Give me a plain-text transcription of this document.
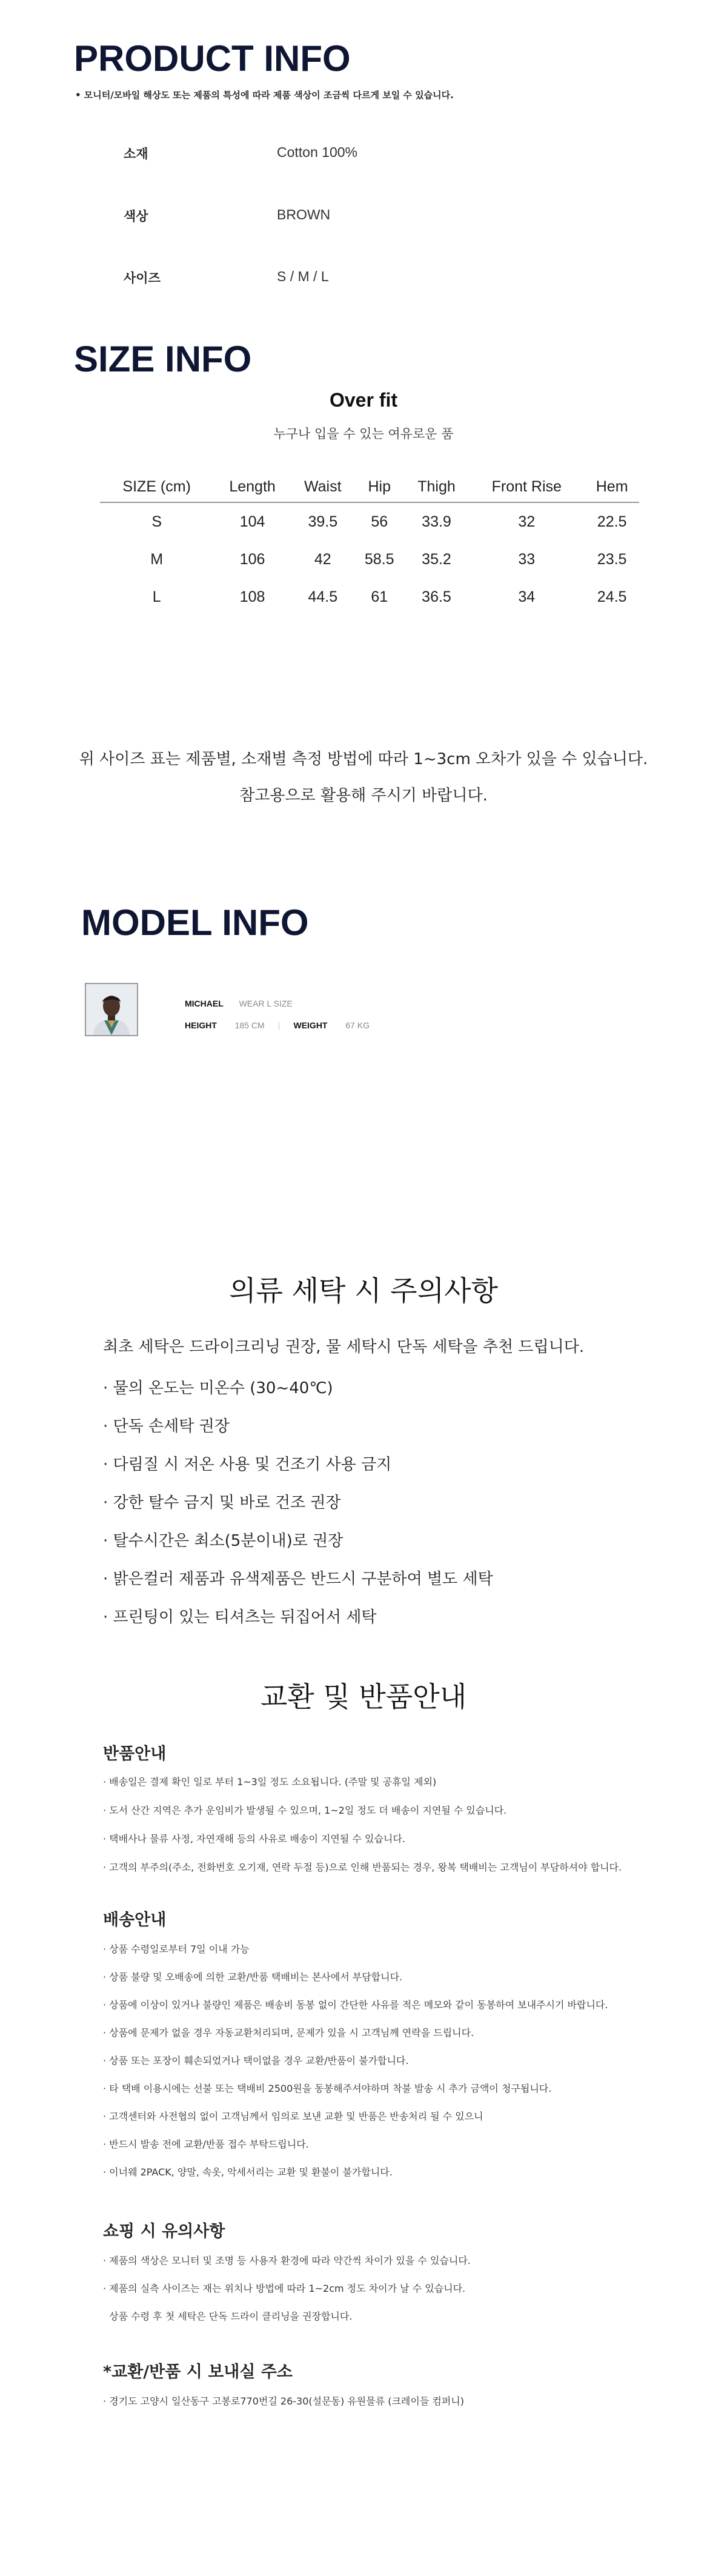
PRODUCT INFO
• 모니터/모바일 해상도 또는 제품의 특성에 따라 제품 색상이 조금씩 다르게 보일 수 있습니다.
소재	Cotton 100%
색상	BROWN
사이즈	S / M / L
SIZE INFO
Over fit
누구나 입을 수 있는 여유로운 품
SIZE (cm)	Length	Waist	Hip	Thigh	Front Rise	Hem
S	104	39.5	56	33.9	32	22.5
M	106	42	58.5	35.2	33	23.5
L	108	44.5	61	36.5	34	24.5
위 사이즈 표는 제품별, 소재별 측정 방법에 따라 1~3cm 오차가 있을 수 있습니다.
참고용으로 활용해 주시기 바랍니다.
MODEL INFO
MICHAEL WEAR L SIZE
HEIGHT 185 CM | WEIGHT 67 KG
의류 세탁 시 주의사항
최초 세탁은 드라이크리닝 권장, 물 세탁시 단독 세탁을 추천 드립니다.
· 물의 온도는 미온수 (30~40℃)
· 단독 손세탁 권장
· 다림질 시 저온 사용 및 건조기 사용 금지
· 강한 탈수 금지 및 바로 건조 권장
· 탈수시간은 최소(5분이내)로 권장
· 밝은컬러 제품과 유색제품은 반드시 구분하여 별도 세탁
· 프린팅이 있는 티셔츠는 뒤집어서 세탁
교환 및 반품안내
반품안내
· 배송일은 결제 확인 일로 부터 1~3일 정도 소요됩니다. (주말 및 공휴일 제외)
· 도서 산간 지역은 추가 운임비가 발생될 수 있으며, 1~2일 정도 더 배송이 지연될 수 있습니다.
· 택배사나 물류 사정, 자연재해 등의 사유로 배송이 지연될 수 있습니다.
· 고객의 부주의(주소, 전화번호 오기재, 연락 두절 등)으로 인해 반품되는 경우, 왕복 택배비는 고객님이 부담하셔야 합니다.
배송안내
· 상품 수령일로부터 7일 이내 가능
· 상품 불량 및 오배송에 의한 교환/반품 택배비는 본사에서 부담합니다.
· 상품에 이상이 있거나 불량인 제품은 배송비 동봉 없이 간단한 사유를 적은 메모와 같이 동봉하여 보내주시기 바랍니다.
· 상품에 문제가 없을 경우 자동교환처리되며, 문제가 있을 시 고객님께 연락을 드립니다.
· 상품 또는 포장이 훼손되었거나 택이없을 경우 교환/반품이 불가합니다.
· 타 택배 이용시에는 선불 또는 택배비 2500원을 동봉해주셔야하며 착불 발송 시 추가 금액이 청구됩니다.
· 고객센터와 사전협의 없이 고객님께서 임의로 보낸 교환 및 반품은 반송처리 될 수 있으니
· 반드시 발송 전에 교환/반품 접수 부탁드립니다.
· 이너웨 2PACK, 양말, 속옷, 악세서리는 교환 및 환불이 불가합니다.
쇼핑 시 유의사항
· 제품의 색상은 모니터 및 조명 등 사용자 환경에 따라 약간씩 차이가 있을 수 있습니다.
· 제품의 실측 사이즈는 재는 위치나 방법에 따라 1~2cm 정도 차이가 날 수 있습니다.
상품 수령 후 첫 세탁은 단독 드라이 클리닝을 권장합니다.
*교환/반품 시 보내실 주소
· 경기도 고양시 일산동구 고봉로770번길 26-30(설문동) 유원물류 (크레이들 컴퍼니)
